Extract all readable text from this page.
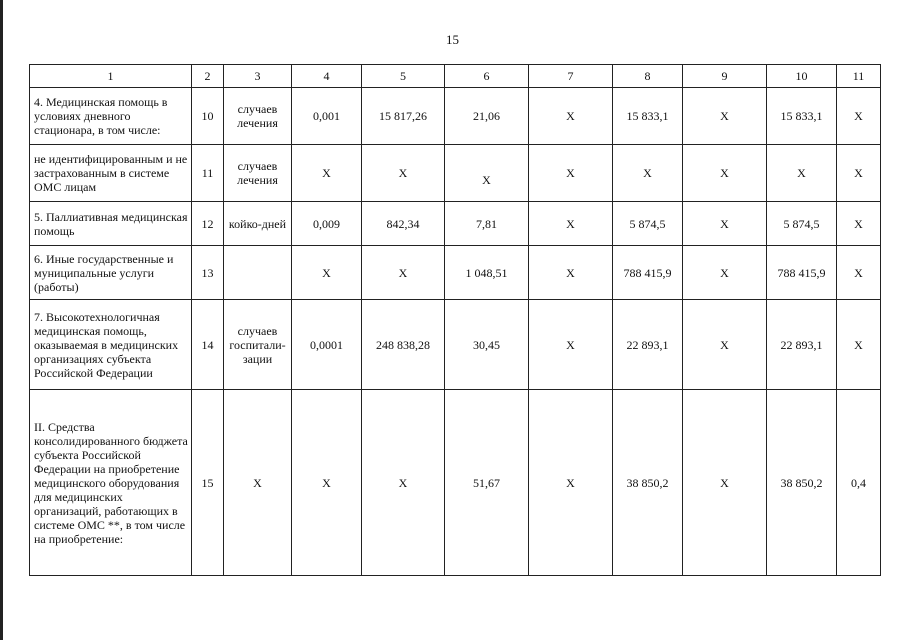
15
1	2	3	4	5	6	7	8	9	10	11
4. Медицинская помощь в условиях дневного стационара, в том числе:	10	случаев лечения	0,001	15 817,26	21,06	X	15 833,1	X	15 833,1	X
не идентифицированным и не застрахованным в системе ОМС лицам	11	случаев лечения	X	X	X	X	X	X	X	X
5. Паллиативная медицинская помощь	12	койко-дней	0,009	842,34	7,81	X	5 874,5	X	5 874,5	X
6. Иные государственные и муниципальные услуги (работы)	13		X	X	1 048,51	X	788 415,9	X	788 415,9	X
7. Высокотехнологичная медицинская помощь, оказываемая в медицинских организациях субъекта Российской Федерации	14	случаев госпитали-зации	0,0001	248 838,28	30,45	X	22 893,1	X	22 893,1	X
II. Средства консолидированного бюджета субъекта Российской Федерации на приобретение медицинского оборудования для медицинских организаций, работающих в системе ОМС **, в том числе на приобретение:	15	X	X	X	51,67	X	38 850,2	X	38 850,2	0,4
